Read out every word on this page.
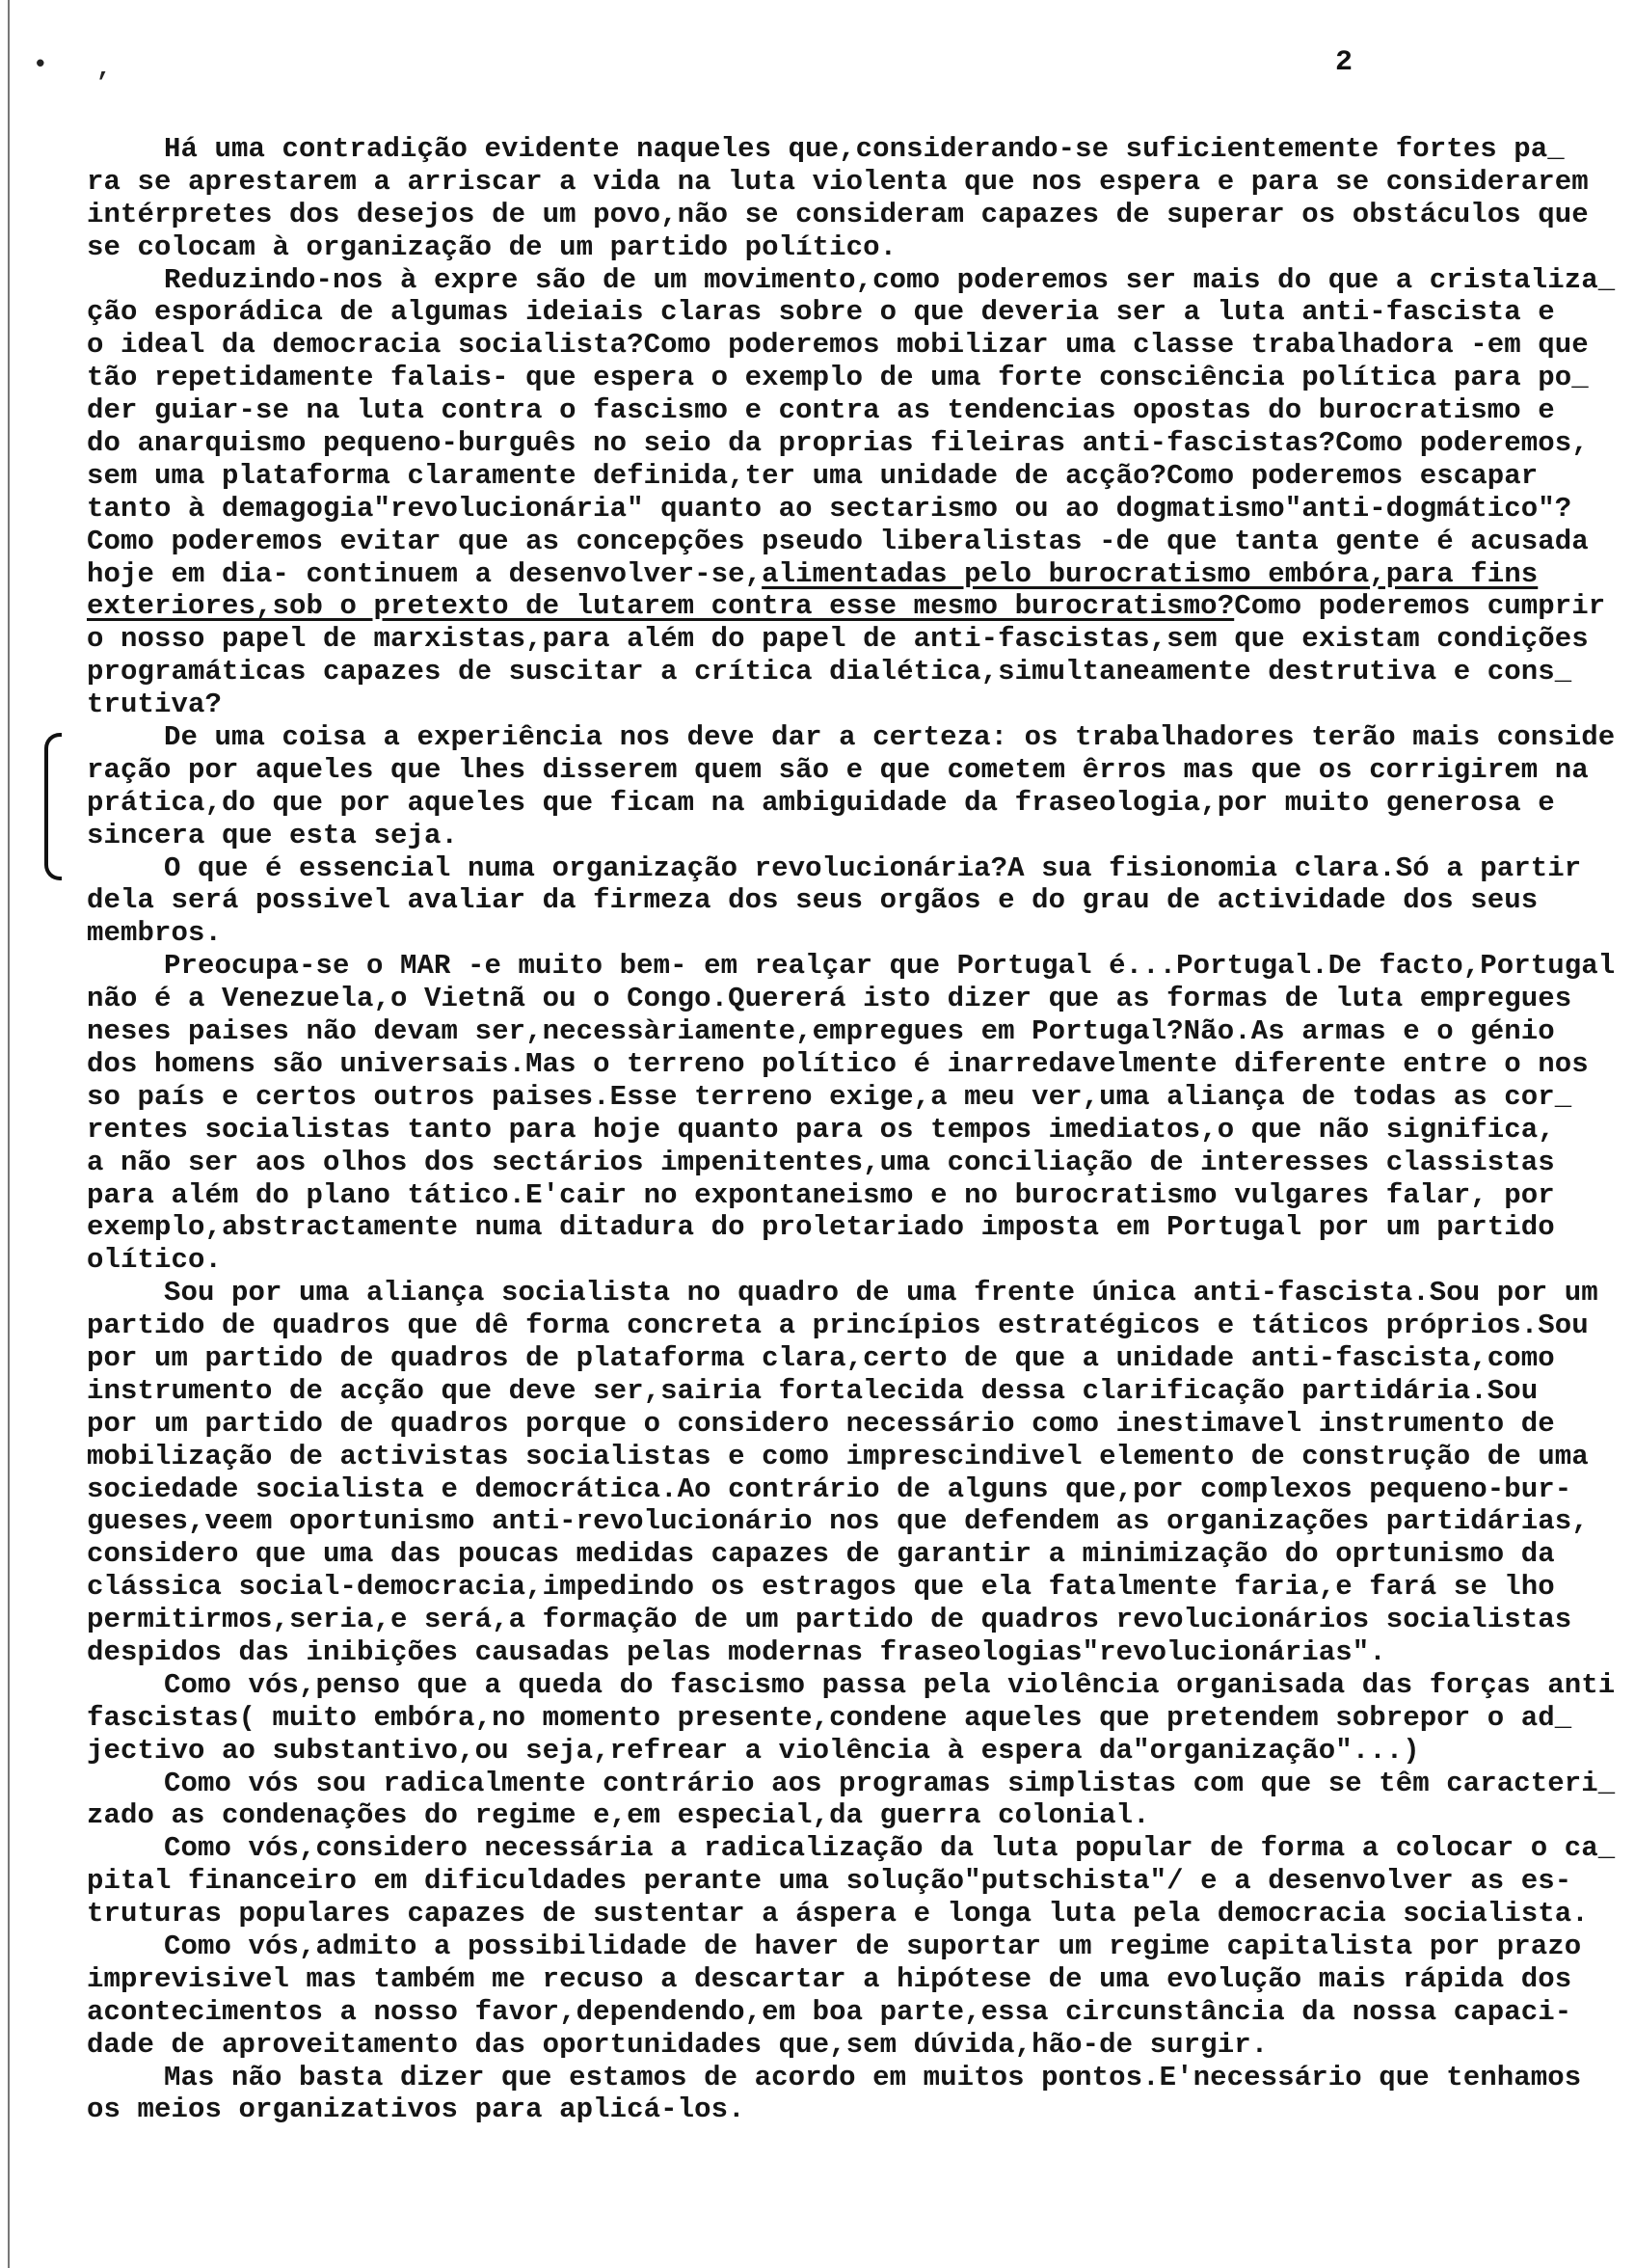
• ,	2
Há uma contradição evidente naqueles que,considerando-se suficientemente fortes pa_
ra se aprestarem a arriscar a vida na luta violenta que nos espera e para se considerarem
intérpretes dos desejos de um povo,não se consideram capazes de superar os obstáculos que
se colocam à organização de um partido político.
Reduzindo-nos à expre são de um movimento,como poderemos ser mais do que a cristaliza_
ção esporádica de algumas ideiais claras sobre o que deveria ser a luta anti-fascista e
o ideal da democracia socialista?Como poderemos mobilizar uma classe trabalhadora -em que
tão repetidamente falais- que espera o exemplo de uma forte consciência política para po_
der guiar-se na luta contra o fascismo e contra as tendencias opostas do burocratismo e
do anarquismo pequeno-burguês no seio da proprias fileiras anti-fascistas?Como poderemos,
sem uma plataforma claramente definida,ter uma unidade de acção?Como poderemos escapar
tanto à demagogia"revolucionária" quanto ao sectarismo ou ao dogmatismo"anti-dogmático"?
Como poderemos evitar que as concepções pseudo liberalistas -de que tanta gente é acusada
hoje em dia- continuem a desenvolver-se,alimentadas pelo burocratismo embóra,para fins
exteriores,sob o pretexto de lutarem contra esse mesmo burocratismo?Como poderemos cumprir
o nosso papel de marxistas,para além do papel de anti-fascistas,sem que existam condições
programáticas capazes de suscitar a crítica dialética,simultaneamente destrutiva e cons_
trutiva?
De uma coisa a experiência nos deve dar a certeza: os trabalhadores terão mais conside
ração por aqueles que lhes disserem quem são e que cometem êrros mas que os corrigirem na
prática,do que por aqueles que ficam na ambiguidade da fraseologia,por muito generosa e
sincera que esta seja.
O que é essencial numa organização revolucionária?A sua fisionomia clara.Só a partir
dela será possivel avaliar da firmeza dos seus orgãos e do grau de actividade dos seus
membros.
Preocupa-se o MAR -e muito bem- em realçar que Portugal é...Portugal.De facto,Portugal
não é a Venezuela,o Vietnã ou o Congo.Quererá isto dizer que as formas de luta empregues
neses paises não devam ser,necessàriamente,empregues em Portugal?Não.As armas e o génio
dos homens são universais.Mas o terreno político é inarredavelmente diferente entre o nos
so país e certos outros paises.Esse terreno exige,a meu ver,uma aliança de todas as cor_
rentes socialistas tanto para hoje quanto para os tempos imediatos,o que não significa,
a não ser aos olhos dos sectários impenitentes,uma conciliação de interesses classistas
para além do plano tático.E'cair no expontaneismo e no burocratismo vulgares falar, por
exemplo,abstractamente numa ditadura do proletariado imposta em Portugal por um partido
olítico.
Sou por uma aliança socialista no quadro de uma frente única anti-fascista.Sou por um
partido de quadros que dê forma concreta a princípios estratégicos e táticos próprios.Sou
por um partido de quadros de plataforma clara,certo de que a unidade anti-fascista,como
instrumento de acção que deve ser,sairia fortalecida dessa clarificação partidária.Sou
por um partido de quadros porque o considero necessário como inestimavel instrumento de
mobilização de activistas socialistas e como imprescindivel elemento de construção de uma
sociedade socialista e democrática.Ao contrário de alguns que,por complexos pequeno-bur-
gueses,veem oportunismo anti-revolucionário nos que defendem as organizações partidárias,
considero que uma das poucas medidas capazes de garantir a minimização do oprtunismo da
clássica social-democracia,impedindo os estragos que ela fatalmente faria,e fará se lho
permitirmos,seria,e será,a formação de um partido de quadros revolucionários socialistas
despidos das inibições causadas pelas modernas fraseologias"revolucionárias".
Como vós,penso que a queda do fascismo passa pela violência organisada das forças anti
fascistas( muito embóra,no momento presente,condene aqueles que pretendem sobrepor o ad_
jectivo ao substantivo,ou seja,refrear a violência à espera da"organização"...)
Como vós sou radicalmente contrário aos programas simplistas com que se têm caracteri_
zado as condenações do regime e,em especial,da guerra colonial.
Como vós,considero necessária a radicalização da luta popular de forma a colocar o ca_
pital financeiro em dificuldades perante uma solução"putschista"/ e a desenvolver as es-
truturas populares capazes de sustentar a áspera e longa luta pela democracia socialista.
Como vós,admito a possibilidade de haver de suportar um regime capitalista por prazo
imprevisivel mas também me recuso a descartar a hipótese de uma evolução mais rápida dos
acontecimentos a nosso favor,dependendo,em boa parte,essa circunstância da nossa capaci-
dade de aproveitamento das oportunidades que,sem dúvida,hão-de surgir.
Mas não basta dizer que estamos de acordo em muitos pontos.E'necessário que tenhamos
os meios organizativos para aplicá-los.
